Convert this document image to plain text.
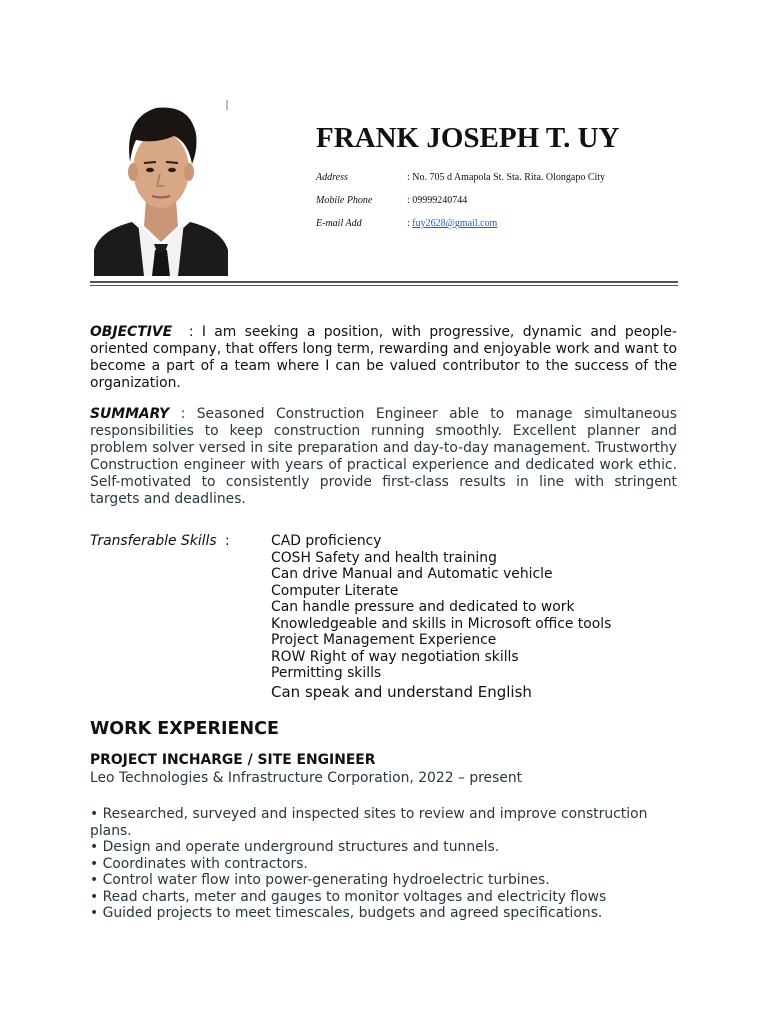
FRANK JOSEPH T. UY
Address	: No. 705 d Amapola St. Sta. Rita. Olongapo City
Mobile Phone	: 09999240744
E-mail Add	: fuy2628@gmail.com
OBJECTIVE  : I am seeking a position, with progressive, dynamic and people-oriented company, that offers long term, rewarding and enjoyable work and want to become a part of a team where I can be valued contributor to the success of the organization.
SUMMARY : Seasoned Construction Engineer able to manage simultaneous responsibilities to keep construction running smoothly. Excellent planner and problem solver versed in site preparation and day-to-day management. Trustworthy Construction engineer with years of practical experience and dedicated work ethic. Self-motivated to consistently provide first-class results in line with stringent targets and deadlines.
Transferable Skills :	CAD proficiency
COSH Safety and health training
Can drive Manual and Automatic vehicle
Computer Literate
Can handle pressure and dedicated to work
Knowledgeable and skills in Microsoft office tools
Project Management Experience
ROW Right of way negotiation skills
Permitting skills
Can speak and understand English
WORK EXPERIENCE
PROJECT INCHARGE / SITE ENGINEER
Leo Technologies & Infrastructure Corporation, 2022 – present
• Researched, surveyed and inspected sites to review and improve construction plans.
• Design and operate underground structures and tunnels.
• Coordinates with contractors.
• Control water flow into power-generating hydroelectric turbines.
• Read charts, meter and gauges to monitor voltages and electricity flows
• Guided projects to meet timescales, budgets and agreed specifications.
